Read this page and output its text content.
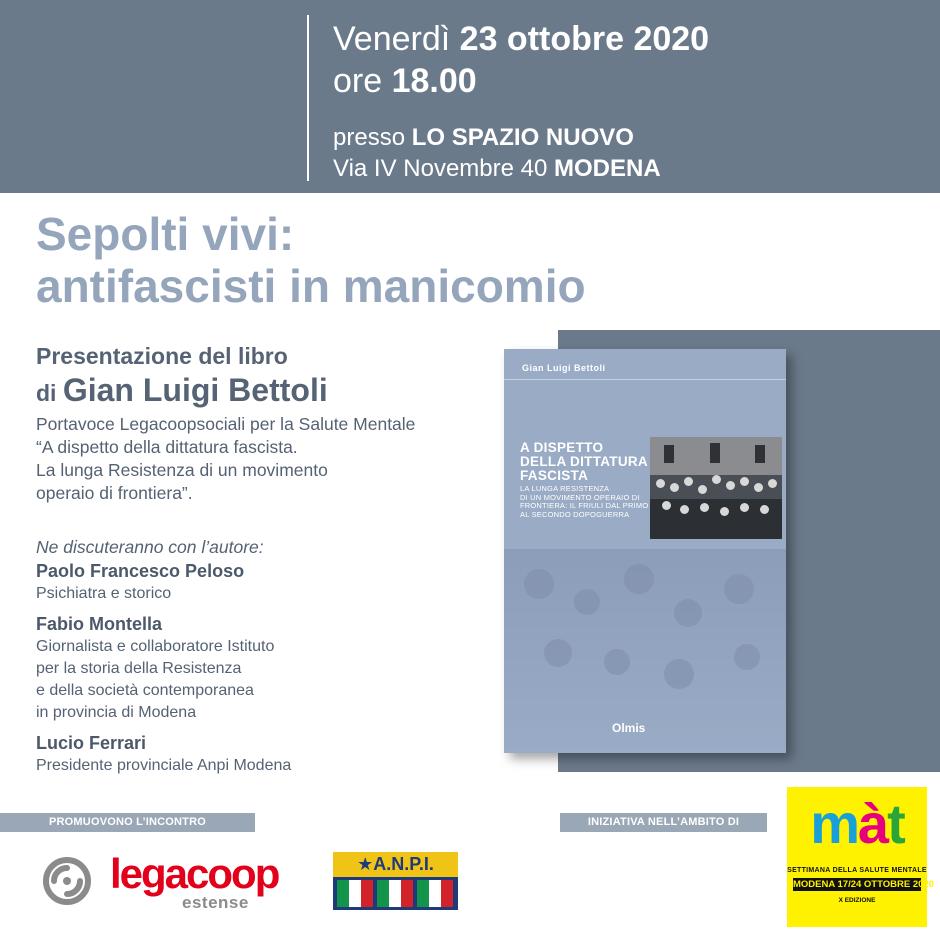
Venerdì 23 ottobre 2020
ore 18.00
presso LO SPAZIO NUOVO
Via IV Novembre 40 MODENA
Sepolti vivi:
antifascisti in manicomio
Presentazione del libro
di Gian Luigi Bettoli
Portavoce Legacoopsociali per la Salute Mentale
“A dispetto della dittatura fascista.
La lunga Resistenza di un movimento
operaio di frontiera”.
Ne discuteranno con l’autore:
Paolo Francesco Peloso
Psichiatra e storico
Fabio Montella
Giornalista e collaboratore Istituto
per la storia della Resistenza
e della società contemporanea
in provincia di Modena
Lucio Ferrari
Presidente provinciale Anpi Modena
Gian Luigi Bettoli
A DISPETTO
DELLA DITTATURA
FASCISTA
LA LUNGA RESISTENZA
DI UN MOVIMENTO OPERAIO DI
FRONTIERA: IL FRIULI DAL PRIMO
AL SECONDO DOPOGUERRA
Olmis
PROMUOVONO L’INCONTRO	INIZIATIVA NELL’AMBITO DI
legacoop
estense
★A.N.P.I.
màt
SETTIMANA DELLA SALUTE MENTALE
MODENA 17/24 OTTOBRE 2020
X EDIZIONE
